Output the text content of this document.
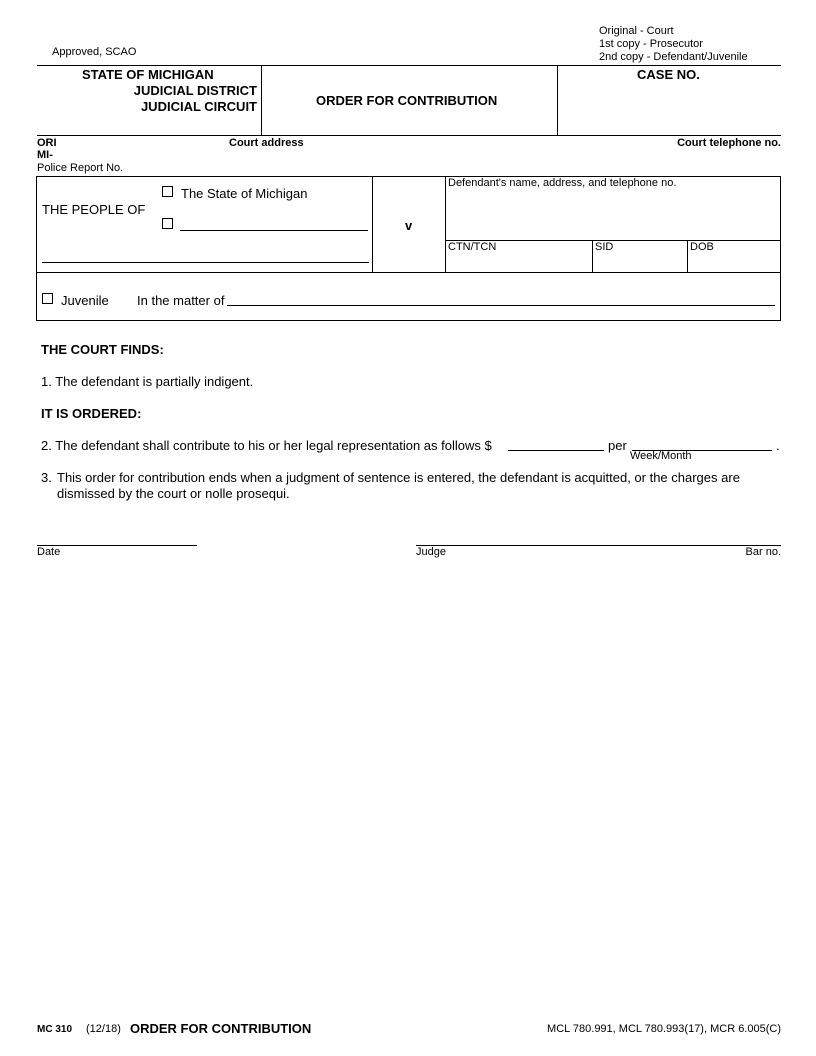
Original - Court
1st copy - Prosecutor
2nd copy - Defendant/Juvenile
Approved, SCAO
STATE OF MICHIGAN
JUDICIAL DISTRICT
JUDICIAL CIRCUIT	ORDER FOR CONTRIBUTION
CASE NO.
ORI
MI-
Court address	Court telephone no.
Police Report No.
THE PEOPLE OF
The State of Michigan
v
Defendant's name, address, and telephone no.
CTN/TCN	SID	DOB
Juvenile In the matter of
THE COURT FINDS:
1. The defendant is partially indigent.
IT IS ORDERED:
2. The defendant shall contribute to his or her legal representation as follows $	per	.
Week/Month
3. This order for contribution ends when a judgment of sentence is entered, the defendant is acquitted, or the charges are dismissed by the court or nolle prosequi.
Date	Judge	Bar no.
MC 310 (12/18) ORDER FOR CONTRIBUTION	MCL 780.991, MCL 780.993(17), MCR 6.005(C)
